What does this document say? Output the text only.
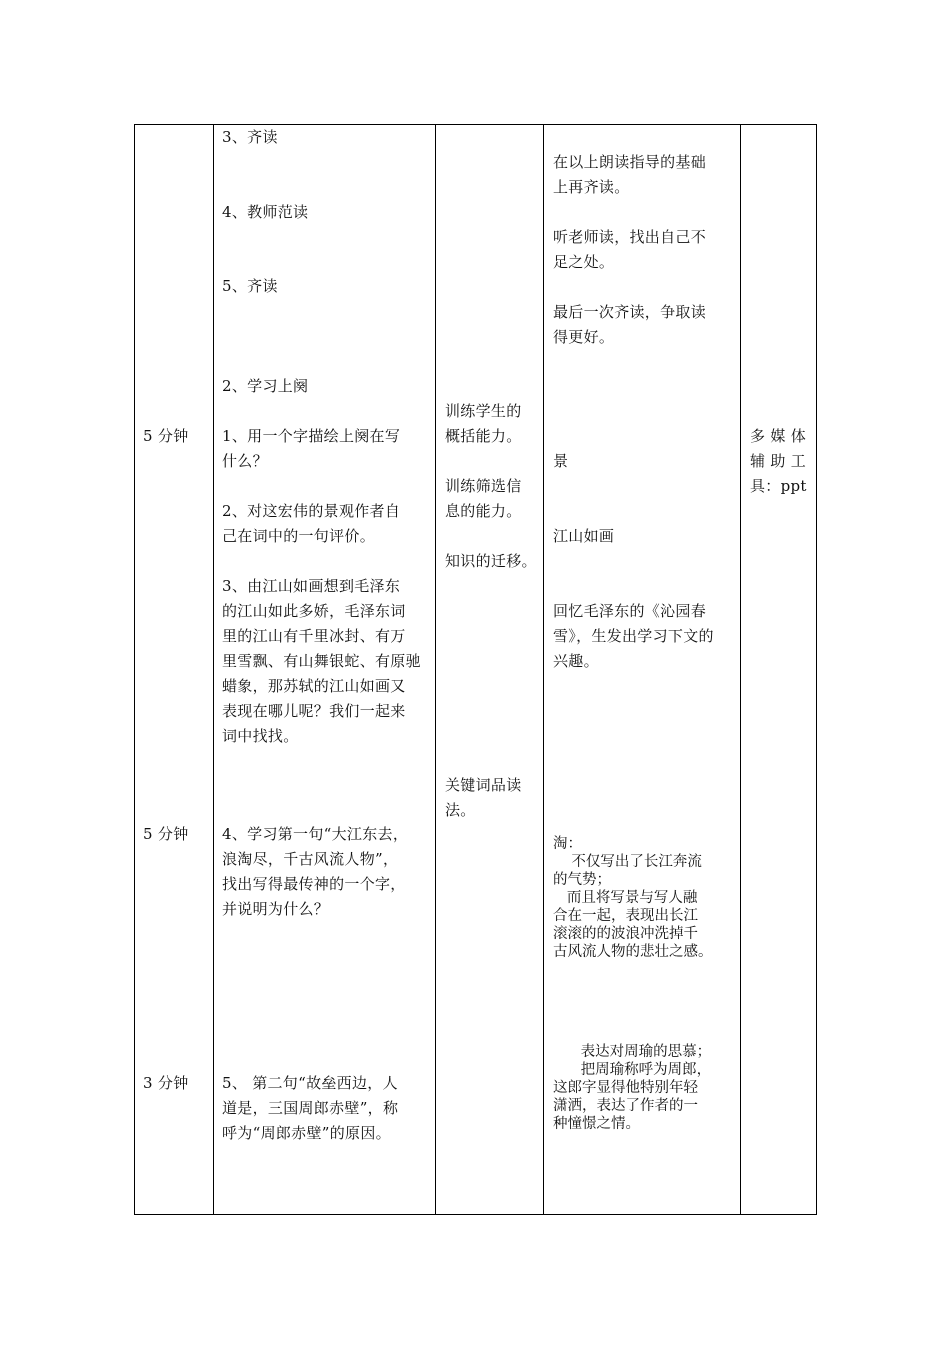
5 分钟
5 分钟
3 分钟
3、齐读
4、教师范读
5、齐读
2、学习上阕
1、用一个字描绘上阕在写
什么？
2、对这宏伟的景观作者自
己在词中的一句评价。
3、由江山如画想到毛泽东
的江山如此多娇，毛泽东词
里的江山有千里冰封、有万
里雪飘、有山舞银蛇、有原驰
蜡象，那苏轼的江山如画又
表现在哪儿呢？我们一起来
词中找找。
4、学习第一句“大江东去，
浪淘尽，千古风流人物”，
找出写得最传神的一个字，
并说明为什么？
5、 第二句“故垒西边，人
道是，三国周郎赤壁”，称
呼为“周郎赤壁”的原因。
训练学生的
概括能力。
训练筛选信
息的能力。
知识的迁移。
关键词品读
法。
在以上朗读指导的基础
上再齐读。
听老师读，找出自己不
足之处。
最后一次齐读，争取读
得更好。
景
江山如画
回忆毛泽东的《沁园春
雪》，生发出学习下文的
兴趣。
淘：
不仅写出了长江奔流
的气势；
而且将写景与写人融
合在一起，表现出长江
滚滚的的波浪冲洗掉千
古风流人物的悲壮之感。
表达对周瑜的思慕；
把周瑜称呼为周郎，
这郎字显得他特别年轻
潇洒，表达了作者的一
种憧憬之情。
多 媒 体
辅 助 工
具：ppt
